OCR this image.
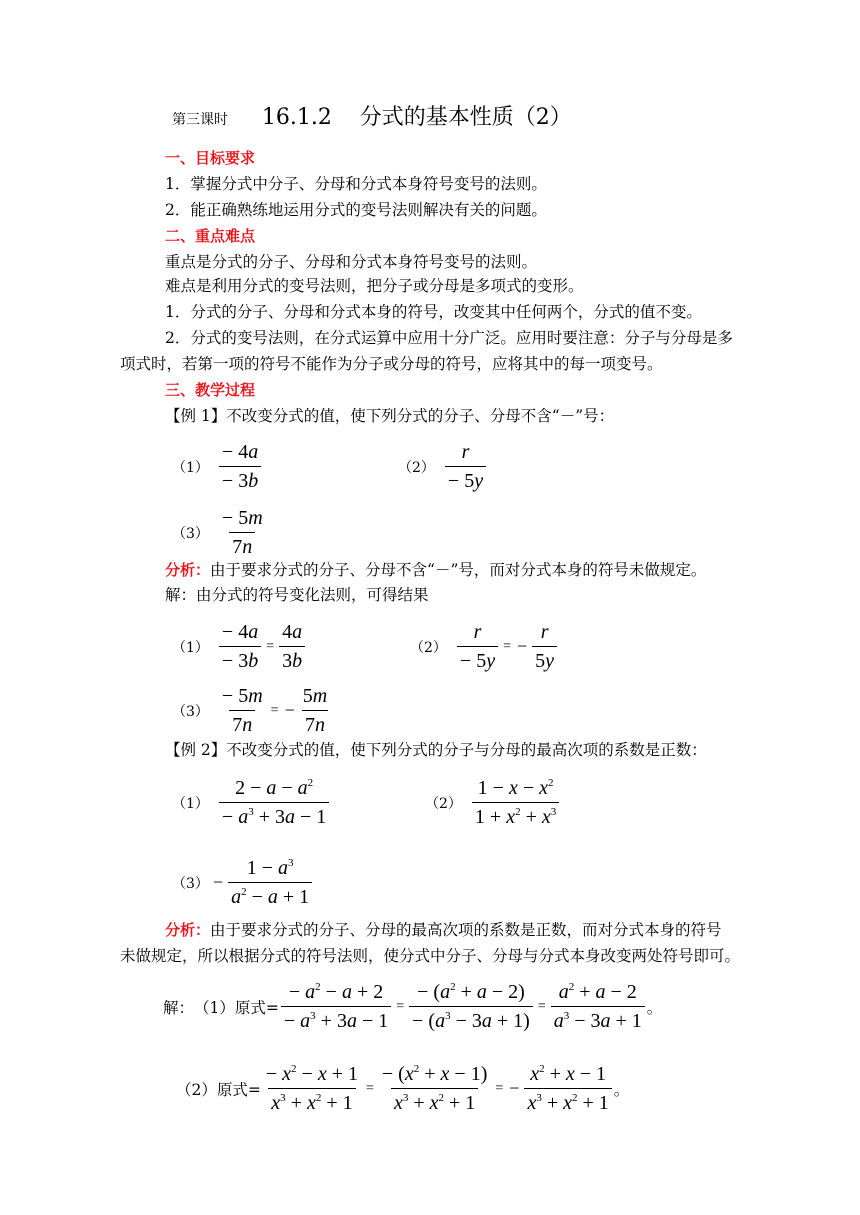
第三课时 16.1.2 分式的基本性质（2）
一、目标要求
1．掌握分式中分子、分母和分式本身符号变号的法则。
2．能正确熟练地运用分式的变号法则解决有关的问题。
二、重点难点
重点是分式的分子、分母和分式本身符号变号的法则。
难点是利用分式的变号法则，把分子或分母是多项式的变形。
1．分式的分子、分母和分式本身的符号，改变其中任何两个，分式的值不变。
2．分式的变号法则，在分式运算中应用十分广泛。应用时要注意：分子与分母是多
项式时，若第一项的符号不能作为分子或分母的符号，应将其中的每一项变号。
三、教学过程
【例 1】不改变分式的值，使下列分式的分子、分母不含“－”号：
$(1) \frac{- 4a}{- 3b}$	$(2) \frac{r}{- 5y}$
$(3) \frac{- 5m}{7n}$
分析：由于要求分式的分子、分母不含“－”号，而对分式本身的符号未做规定。
解：由分式的符号变化法则，可得结果
$(1) \frac{- 4a}{- 3b} = \frac{4a}{3b}$	$(2) \frac{r}{- 5y}$ = − $\frac{r}{5y}$
$(3) \frac{- 5m}{7n}$ = − $\frac{5m}{7n}$
【例 2】不改变分式的值，使下列分式的分子与分母的最高次项的系数是正数：
$(1) \frac{2 - a - a^2}{- a^3 + 3a - 1}$	$(2) \frac{1 - x - x^2}{1 + x^2 + x^3}$
$(3) - \frac{1 - a^3}{a^2 - a + 1}$
分析：由于要求分式的分子、分母的最高次项的系数是正数，而对分式本身的符号
未做规定，所以根据分式的符号法则，使分式中分子、分母与分式本身改变两处符号即可。
解： （1） 原式= $\frac{- a^2 - a + 2}{- a^3 + 3a - 1} = \frac{- (a^2 + a - 2)}{- (a^3 - 3a + 1)} = \frac{a^2 + a - 2}{a^3 - 3a + 1}$ 。
（2） 原式= $\frac{- x^2 - x + 1}{x^3 + x^2 + 1} = \frac{- (x^2 + x - 1)}{x^3 + x^2 + 1}$ = − $\frac{x^2 + x - 1}{x^3 + x^2 + 1}$ 。
